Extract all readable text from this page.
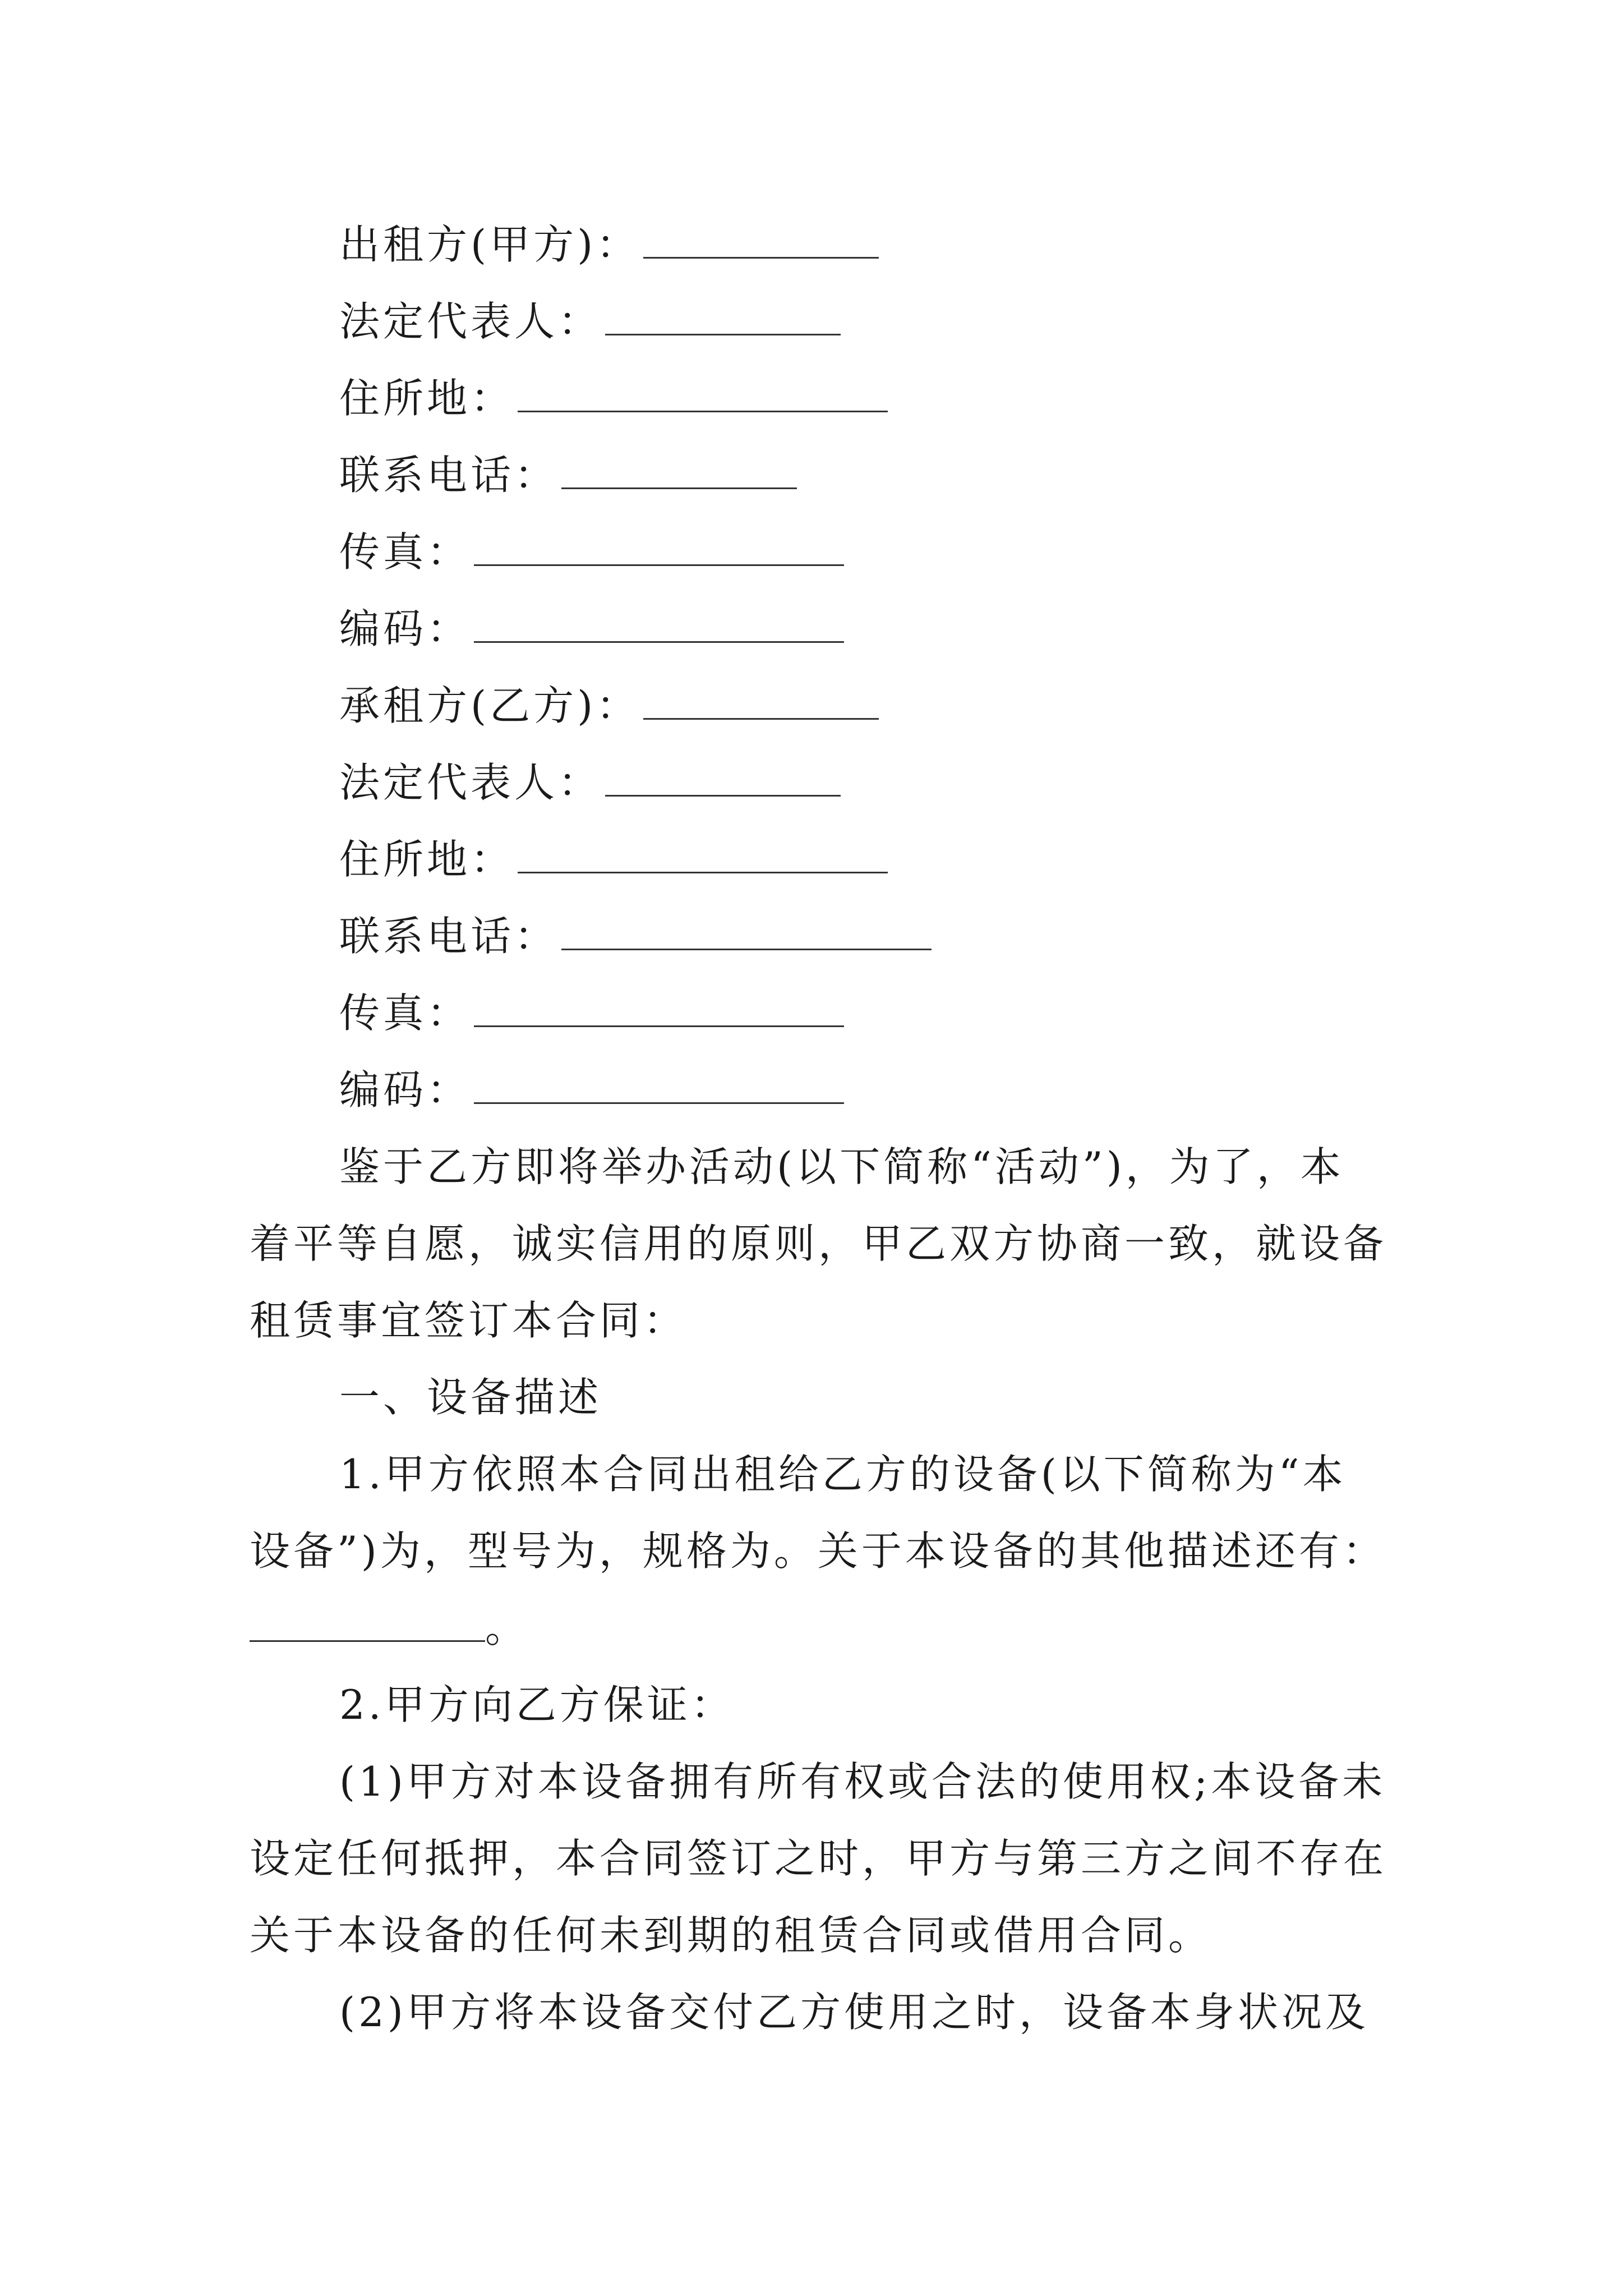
出租方(甲方)：
法定代表人：
住所地：
联系电话：
传真：
编码：
承租方(乙方)：
法定代表人：
住所地：
联系电话：
传真：
编码：
鉴于乙方即将举办活动(以下简称“活动”)，为了，本
着平等自愿，诚实信用的原则，甲乙双方协商一致，就设备
租赁事宜签订本合同：
一、设备描述
1.甲方依照本合同出租给乙方的设备(以下简称为“本
设备”)为，型号为，规格为。关于本设备的其他描述还有：
。
2.甲方向乙方保证：
(1)甲方对本设备拥有所有权或合法的使用权;本设备未
设定任何抵押，本合同签订之时，甲方与第三方之间不存在
关于本设备的任何未到期的租赁合同或借用合同。
(2)甲方将本设备交付乙方使用之时，设备本身状况及
